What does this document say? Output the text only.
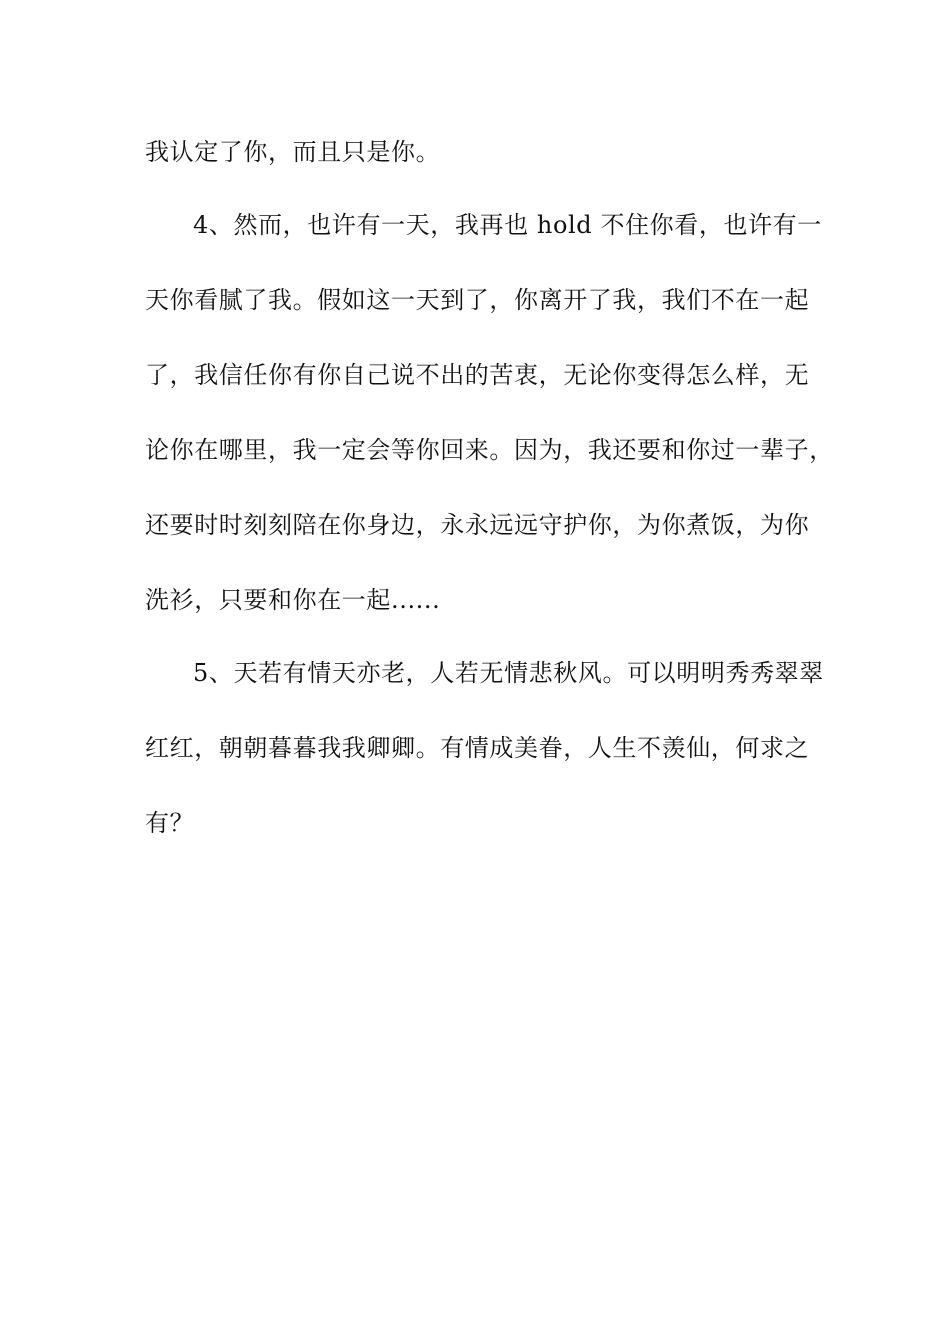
我认定了你，而且只是你。
4、然而，也许有一天，我再也 hold 不住你看，也许有一
天你看腻了我。假如这一天到了，你离开了我，我们不在一起
了，我信任你有你自己说不出的苦衷，无论你变得怎么样，无
论你在哪里，我一定会等你回来。因为，我还要和你过一辈子，
还要时时刻刻陪在你身边，永永远远守护你，为你煮饭，为你
洗衫，只要和你在一起......
5、天若有情天亦老，人若无情悲秋风。可以明明秀秀翠翠
红红，朝朝暮暮我我卿卿。有情成美眷，人生不羡仙，何求之
有？
